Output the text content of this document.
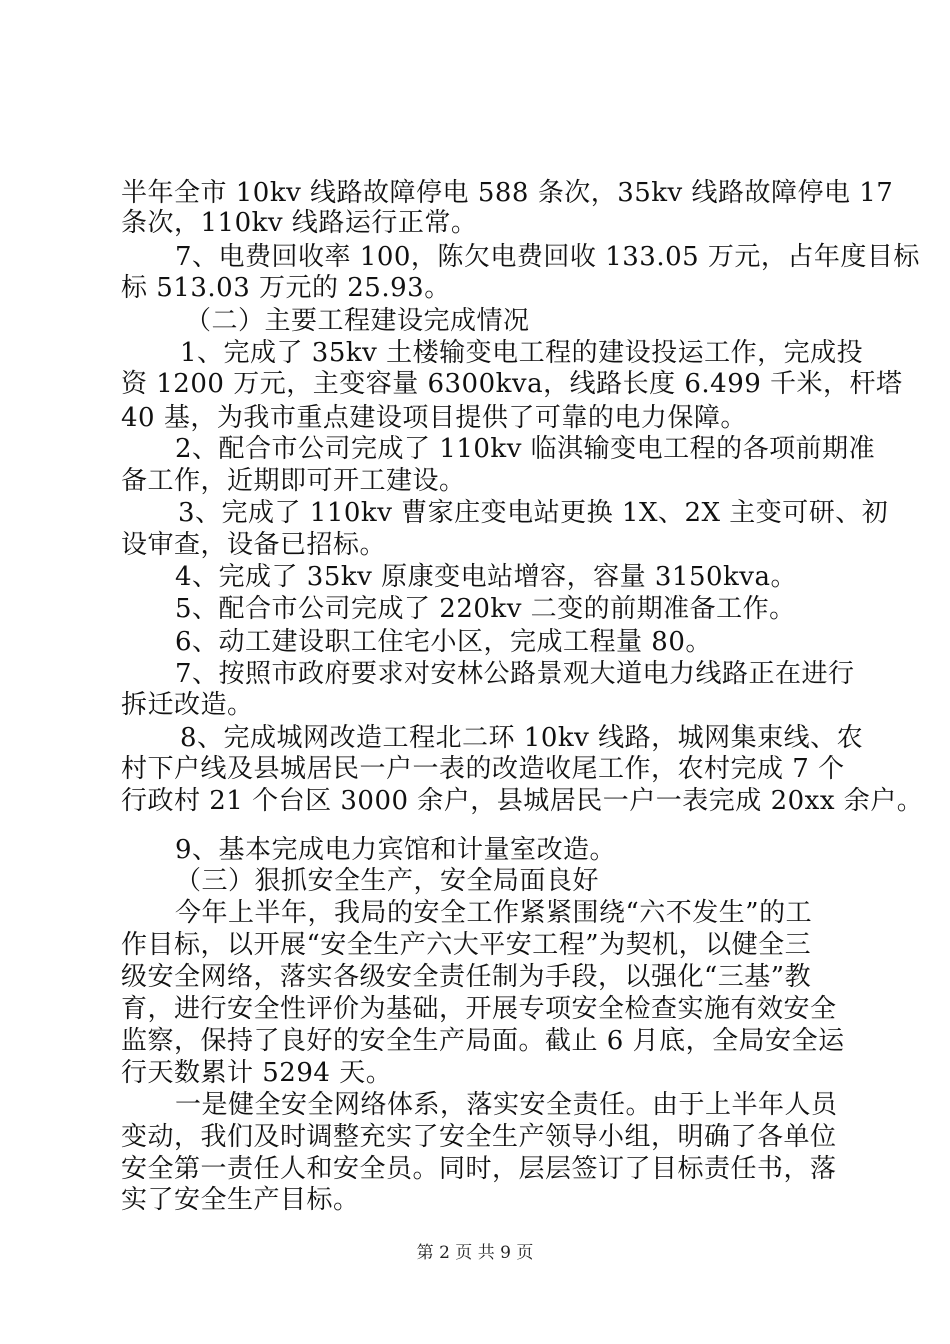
半年全市 10kv 线路故障停电 588 条次，35kv 线路故障停电 17
条次，110kv 线路运行正常。
7、电费回收率 100，陈欠电费回收 133.05 万元，占年度目标
标 513.03 万元的 25.93。
（二）主要工程建设完成情况
1、完成了 35kv 土楼输变电工程的建设投运工作，完成投
资 1200 万元，主变容量 6300kva，线路长度 6.499 千米，杆塔
40 基，为我市重点建设项目提供了可靠的电力保障。
2、配合市公司完成了 110kv 临淇输变电工程的各项前期准
备工作，近期即可开工建设。
3、完成了 110kv 曹家庄变电站更换 1X、2X 主变可研、初
设审查，设备已招标。
4、完成了 35kv 原康变电站增容，容量 3150kva。
5、配合市公司完成了 220kv 二变的前期准备工作。
6、动工建设职工住宅小区，完成工程量 80。
7、按照市政府要求对安林公路景观大道电力线路正在进行
拆迁改造。
8、完成城网改造工程北二环 10kv 线路，城网集束线、农
村下户线及县城居民一户一表的改造收尾工作，农村完成 7 个
行政村 21 个台区 3000 余户，县城居民一户一表完成 20xx 余户。
9、基本完成电力宾馆和计量室改造。
（三）狠抓安全生产，安全局面良好
今年上半年，我局的安全工作紧紧围绕“六不发生”的工
作目标，以开展“安全生产六大平安工程”为契机，以健全三
级安全网络，落实各级安全责任制为手段，以强化“三基”教
育，进行安全性评价为基础，开展专项安全检查实施有效安全
监察，保持了良好的安全生产局面。截止 6 月底，全局安全运
行天数累计 5294 天。
一是健全安全网络体系，落实安全责任。由于上半年人员
变动，我们及时调整充实了安全生产领导小组，明确了各单位
安全第一责任人和安全员。同时，层层签订了目标责任书，落
实了安全生产目标。
第 2 页 共 9 页
